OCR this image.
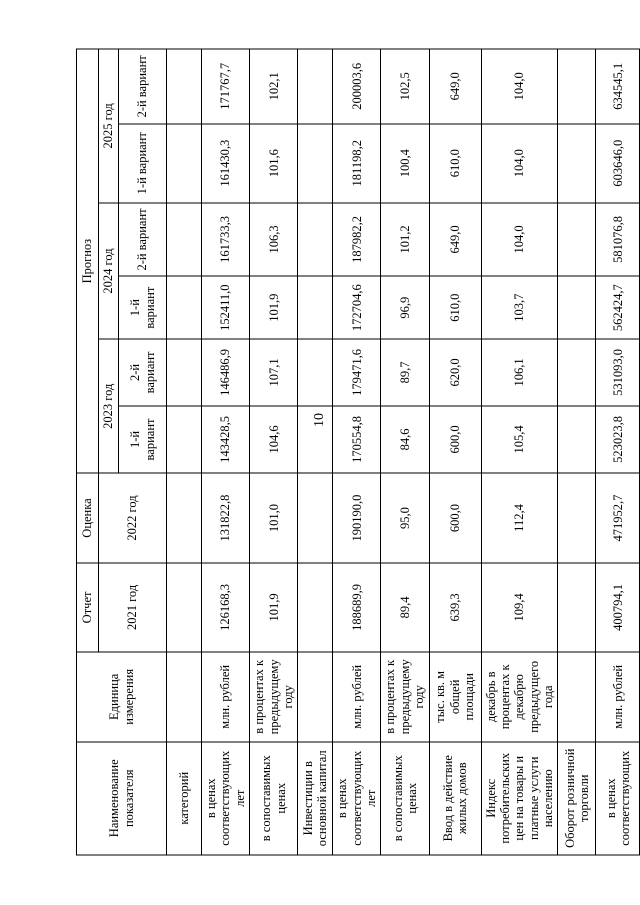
10
Наименование показателя	Единица измерения	Отчет	Оценка	Прогноз					
		2021 год	2022 год	2023 год		2024 год		2025 год	
				1-й вариант	2-й вариант	1-й вариант	2-й вариант	1-й вариант	2-й вариант
категорий									
в ценах соответствующих лет	млн. рублей	126168,3	131822,8	143428,5	146486,9	152411,0	161733,3	161430,3	171767,7
в сопоставимых ценах	в процентах к предыдущему году	101,9	101,0	104,6	107,1	101,9	106,3	101,6	102,1
Инвестиции в основной капитал									
в ценах соответствующих лет	млн. рублей	188689,9	190190,0	170554,8	179471,6	172704,6	187982,2	181198,2	200003,6
в сопоставимых ценах	в процентах к предыдущему году	89,4	95,0	84,6	89,7	96,9	101,2	100,4	102,5
Ввод в действие жилых домов	тыс. кв. м общей площади	639,3	600,0	600,0	620,0	610,0	649,0	610,0	649,0
Индекс потребительских цен на товары и платные услуги населению	декабрь в процентах к декабрю предыдущего года	109,4	112,4	105,4	106,1	103,7	104,0	104,0	104,0
Оборот розничной торговли									
в ценах соответствующих	млн. рублей	400794,1	471952,7	523023,8	531093,0	562424,7	581076,8	603646,0	634545,1
